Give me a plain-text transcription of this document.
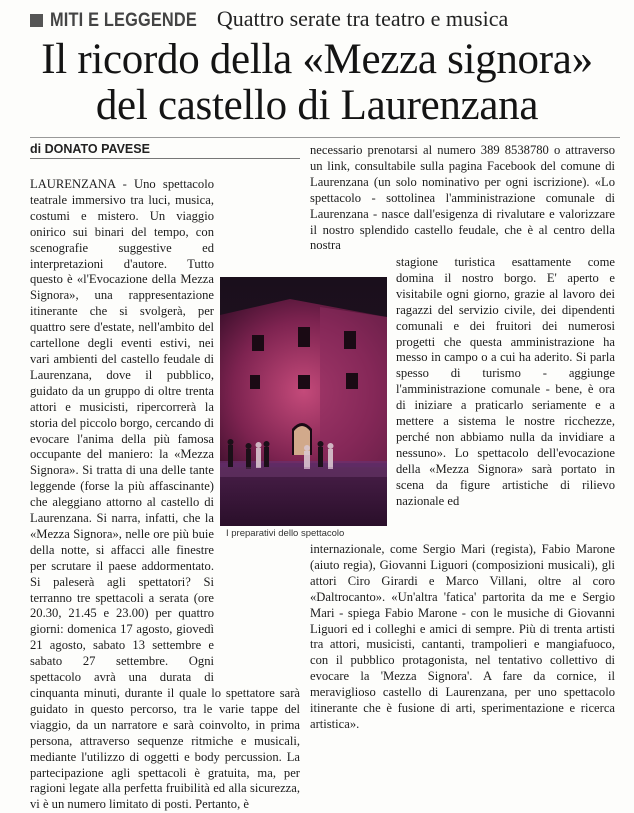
MITI E LEGGENDE Quattro serate tra teatro e musica
Il ricordo della «Mezza signora»
del castello di Laurenzana
di DONATO PAVESE

LAURENZANA - Uno spettacolo teatrale immersivo tra luci, musica, costumi e mistero. Un viaggio onirico sui binari del tempo, con scenografie suggestive ed interpretazioni d'autore. Tutto questo è «l'Evocazione della Mezza Signora», una rappresentazione itinerante che si svolgerà, per quattro sere d'estate, nell'ambito del cartellone degli eventi estivi, nei vari ambienti del castello feudale di Laurenzana, dove il pubblico, guidato da un gruppo di oltre trenta attori e musicisti, ripercorrerà la storia del piccolo borgo, cercando di evocare l'anima della più famosa occupante del maniero: la «Mezza Signora». Si tratta di una delle tante leggende (forse la più affascinante) che aleggiano attorno al castello di Laurenzana. Si narra, infatti, che la «Mezza Signora», nelle ore più buie della notte, si affacci alle finestre per scrutare il paese addormentato. Si paleserà agli spettatori? Si terranno tre spettacoli a serata (ore 20.30, 21.45 e 23.00) per quattro giorni: domenica 17 agosto, giovedì 21 agosto, sabato 13 settembre e sabato 27 settembre. Ogni spettacolo avrà una durata di cinquanta minuti, durante il quale lo spettatore sarà guidato in questo percorso, tra le varie tappe del viaggio, da un narratore e sarà coinvolto, in prima persona, attraverso sequenze ritmiche e musicali, mediante l'utilizzo di oggetti e body percussion. La partecipazione agli spettacoli è gratuita, ma, per ragioni legate alla perfetta fruibilità ed alla sicurezza, vi è un numero limitato di posti. Pertanto, è

necessario prenotarsi al numero 389 8538780 o attraverso un link, consultabile sulla pagina Facebook del comune di Laurenzana (un solo nominativo per ogni iscrizione). «Lo spettacolo - sottolinea l'amministrazione comunale di Laurenzana - nasce dall'esigenza di rivalutare e valorizzare il nostro splendido castello feudale, che è al centro della nostra

stagione turistica esattamente come domina il nostro borgo. E' aperto e visitabile ogni giorno, grazie al lavoro dei ragazzi del servizio civile, dei dipendenti comunali e dei fruitori dei numerosi progetti che questa amministrazione ha messo in campo o a cui ha aderito. Si parla spesso di turismo - aggiunge l'amministrazione comunale - bene, è ora di iniziare a praticarlo seriamente e a mettere a sistema le nostre ricchezze, perché non abbiamo nulla da invidiare a nessuno». Lo spettacolo dell'evocazione della «Mezza Signora» sarà portato in scena da figure artistiche di rilievo nazionale ed

internazionale, come Sergio Mari (regista), Fabio Marone (aiuto regia), Giovanni Liguori (composizioni musicali), gli attori Ciro Girardi e Marco Villani, oltre al coro «Daltrocanto». «Un'altra 'fatica' partorita da me e Sergio Mari - spiega Fabio Marone - con le musiche di Giovanni Liguori ed i colleghi e amici di sempre. Più di trenta artisti tra attori, musicisti, cantanti, trampolieri e mangiafuoco, con il pubblico protagonista, nel tentativo collettivo di evocare la 'Mezza Signora'. A fare da cornice, il meraviglioso castello di Laurenzana, per uno spettacolo itinerante che è fusione di arti, sperimentazione e ricerca artistica».

I preparativi dello spettacolo
